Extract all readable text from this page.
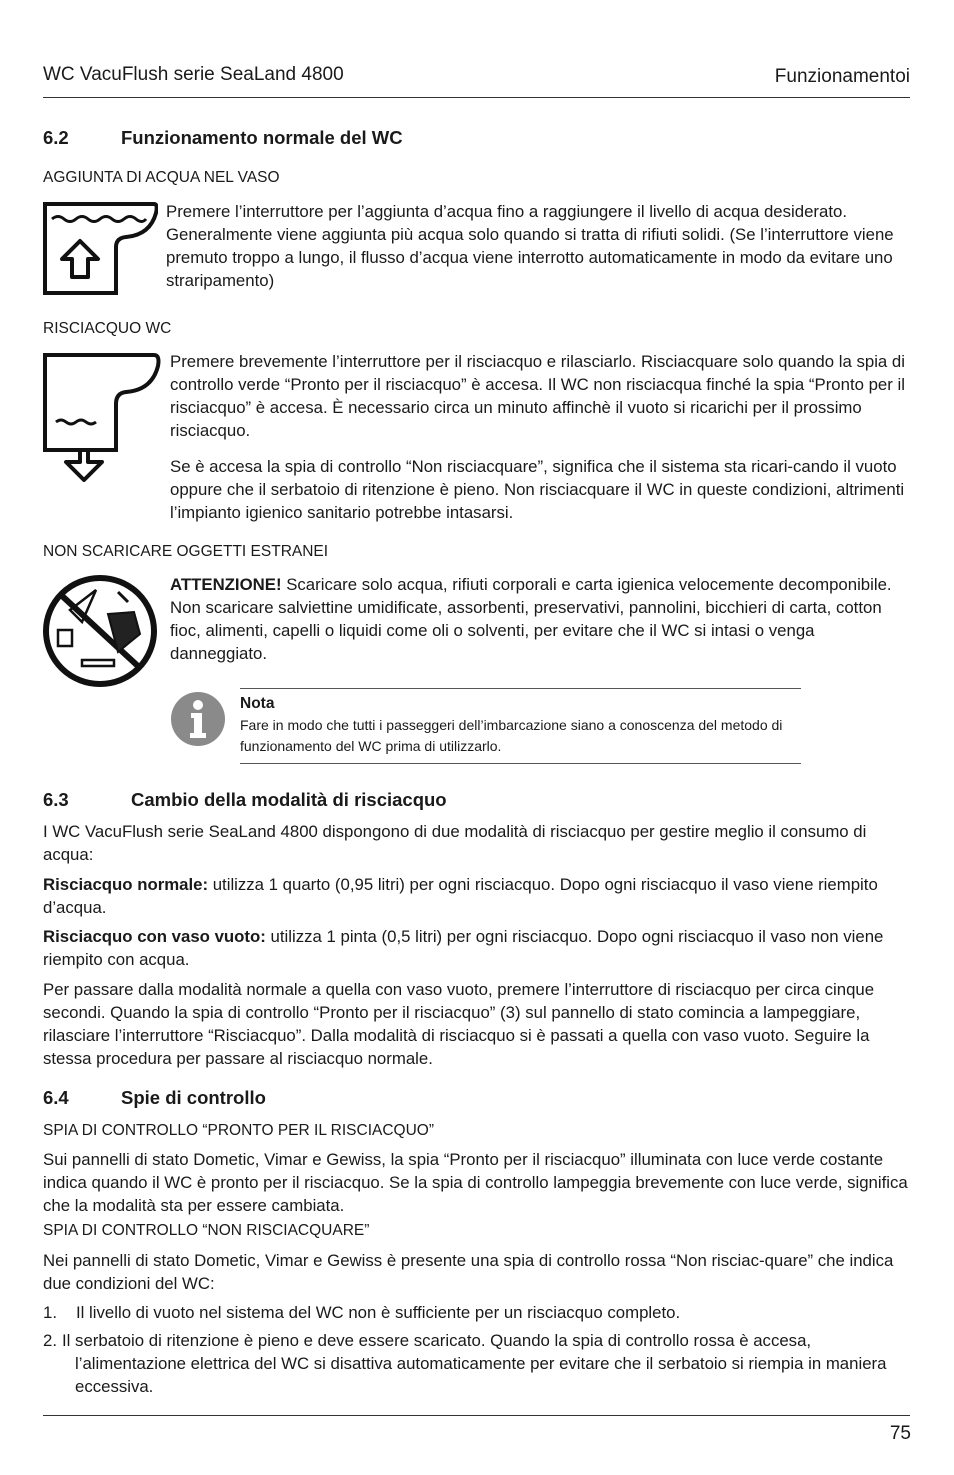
WC VacuFlush serie SeaLand 4800	Funzionamentoi
6.2	Funzionamento normale del WC
AGGIUNTA DI ACQUA NEL VASO
Premere l’interruttore per l’aggiunta d’acqua fino a raggiungere il livello di acqua desiderato. Generalmente viene aggiunta più acqua solo quando si tratta di rifiuti solidi. (Se l’interruttore viene premuto troppo a lungo, il flusso d’acqua viene interrotto automaticamente in modo da evitare uno straripamento)
RISCIACQUO WC
Premere brevemente l’interruttore per il risciacquo e rilasciarlo. Risciacquare solo quando la spia di controllo verde “Pronto per il risciacquo” è accesa. Il WC non risciacqua finché la spia “Pronto per il risciacquo” è accesa. È necessario circa un minuto affinchè il vuoto si ricarichi per il prossimo risciacquo.
Se è accesa la spia di controllo “Non risciacquare”, significa che il sistema sta ricari-cando il vuoto oppure che il serbatoio di ritenzione è pieno. Non risciacquare il WC in queste condizioni, altrimenti l’impianto igienico sanitario potrebbe intasarsi.
NON SCARICARE OGGETTI ESTRANEI
ATTENZIONE! Scaricare solo acqua, rifiuti corporali e carta igienica velocemente decomponibile. Non scaricare salviettine umidificate, assorbenti, preservativi, pannolini, bicchieri di carta, cotton fioc, alimenti, capelli o liquidi come oli o solventi, per evitare che il WC si intasi o venga danneggiato.
Nota
Fare in modo che tutti i passeggeri dell’imbarcazione siano a conoscenza del metodo di funzionamento del WC prima di utilizzarlo.
6.3	Cambio della modalità di risciacquo
I WC VacuFlush serie SeaLand 4800 dispongono di due modalità di risciacquo per gestire meglio il consumo di acqua:
Risciacquo normale: utilizza 1 quarto (0,95 litri) per ogni risciacquo. Dopo ogni risciacquo il vaso viene riempito d’acqua.
Risciacquo con vaso vuoto: utilizza 1 pinta (0,5 litri) per ogni risciacquo. Dopo ogni risciacquo il vaso non viene riempito con acqua.
Per passare dalla modalità normale a quella con vaso vuoto, premere l’interruttore di risciacquo per circa cinque secondi. Quando la spia di controllo “Pronto per il risciacquo” (3) sul pannello di stato comincia a lampeggiare, rilasciare l’interruttore “Risciacquo”. Dalla modalità di risciacquo si è passati a quella con vaso vuoto. Seguire la stessa procedura per passare al risciacquo normale.
6.4	Spie di controllo
SPIA DI CONTROLLO “PRONTO PER IL RISCIACQUO”
Sui pannelli di stato Dometic, Vimar e Gewiss, la spia “Pronto per il risciacquo” illuminata con luce verde costante indica quando il WC è pronto per il risciacquo. Se la spia di controllo lampeggia brevemente con luce verde, significa che la modalità sta per essere cambiata.
SPIA DI CONTROLLO “NON RISCIACQUARE”
Nei pannelli di stato Dometic, Vimar e Gewiss è presente una spia di controllo rossa “Non risciac-quare” che indica due condizioni del WC:
1. Il livello di vuoto nel sistema del WC non è sufficiente per un risciacquo completo.
2. Il serbatoio di ritenzione è pieno e deve essere scaricato. Quando la spia di controllo rossa è accesa, l’alimentazione elettrica del WC si disattiva automaticamente per evitare che il serbatoio si riempia in maniera eccessiva.
75
